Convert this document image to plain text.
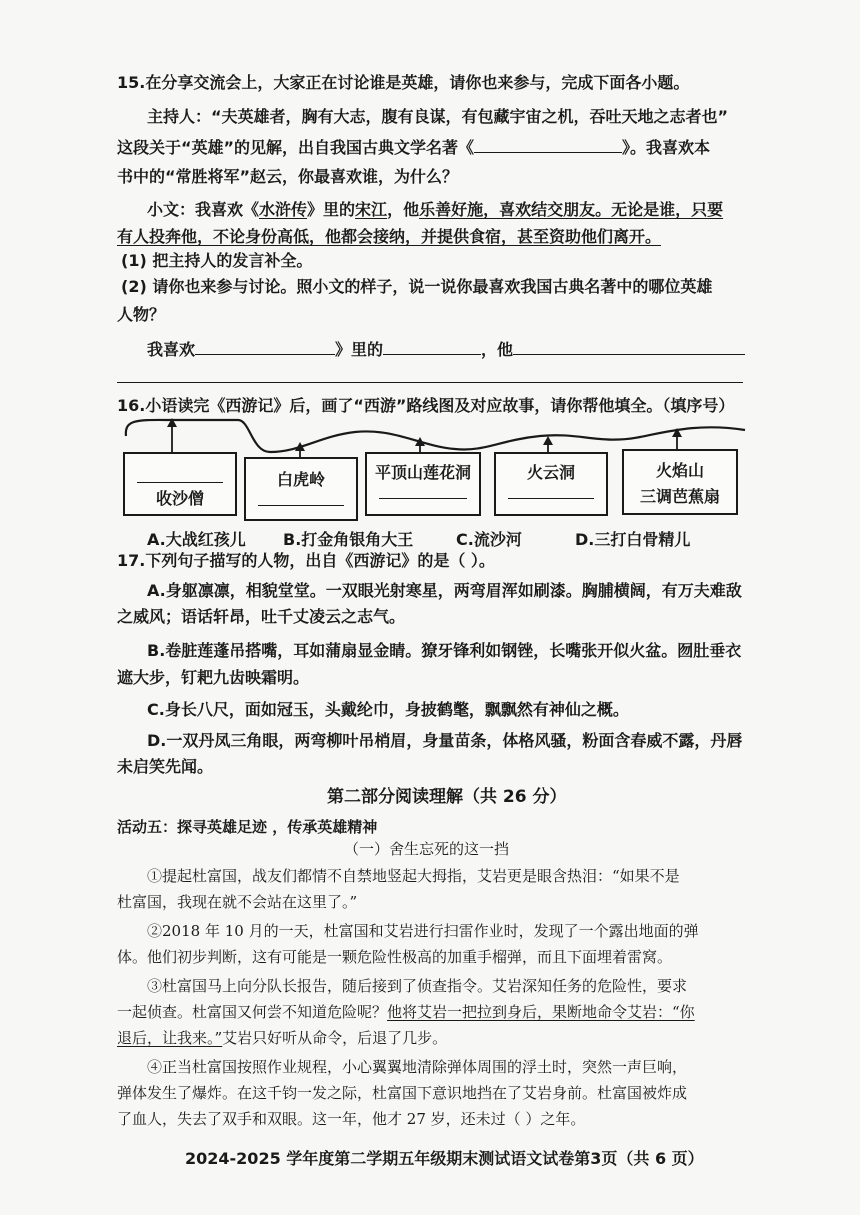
15.在分享交流会上，大家正在讨论谁是英雄，请你也来参与，完成下面各小题。
主持人：“夫英雄者，胸有大志，腹有良谋，有包藏宇宙之机，吞吐天地之志者也”
这段关于“英雄”的见解，出自我国古典文学名著《	》。我喜欢本
书中的“常胜将军”赵云，你最喜欢谁，为什么？
小文：我喜欢《水浒传》里的宋江，他乐善好施，喜欢结交朋友。无论是谁，只要
有人投奔他，不论身份高低，他都会接纳，并提供食宿，甚至资助他们离开。
(1) 把主持人的发言补全。
(2) 请你也来参与讨论。照小文的样子，说一说你最喜欢我国古典名著中的哪位英雄
人物？
我喜欢	》里的	，他
16.小语读完《西游记》后，画了“西游”路线图及对应故事，请你帮他填全。（填序号）
收沙僧
白虎岭	平顶山莲花洞	火云洞	火焰山
三调芭蕉扇
A.大战红孩儿 B.打金角银角大王	C.流沙河	D.三打白骨精儿
17.下列句子描写的人物，出自《西游记》的是（ ）。
A.身躯凛凛，相貌堂堂。一双眼光射寒星，两弯眉浑如刷漆。胸脯横阔，有万夫难敌
之威风；语话轩昂，吐千丈凌云之志气。
B.卷脏莲蓬吊搭嘴，耳如蒲扇显金睛。獠牙锋利如钢锉，长嘴张开似火盆。囫肚垂衣
遮大步，钉耙九齿映霜明。
C.身长八尺，面如冠玉，头戴纶巾，身披鹤氅，飘飘然有神仙之概。
D.一双丹凤三角眼，两弯柳叶吊梢眉，身量苗条，体格风骚，粉面含春威不露，丹唇
未启笑先闻。
第二部分阅读理解（共 26 分）
活动五：探寻英雄足迹 ，传承英雄精神
（一）舍生忘死的这一挡
①提起杜富国，战友们都情不自禁地竖起大拇指，艾岩更是眼含热泪：“如果不是
杜富国，我现在就不会站在这里了。”
②2018 年 10 月的一天，杜富国和艾岩进行扫雷作业时，发现了一个露出地面的弹
体。他们初步判断，这有可能是一颗危险性极高的加重手榴弹，而且下面埋着雷窝。
③杜富国马上向分队长报告，随后接到了侦查指令。艾岩深知任务的危险性，要求
一起侦查。杜富国又何尝不知道危险呢？他将艾岩一把拉到身后，果断地命令艾岩：“你
退后，让我来。”艾岩只好听从命令，后退了几步。
④正当杜富国按照作业规程，小心翼翼地清除弹体周围的浮土时，突然一声巨响，
弹体发生了爆炸。在这千钧一发之际，杜富国下意识地挡在了艾岩身前。杜富国被炸成
了血人，失去了双手和双眼。这一年，他才 27 岁，还未过（ ）之年。
2024-2025 学年度第二学期五年级期末测试语文试卷第3页（共 6 页）
